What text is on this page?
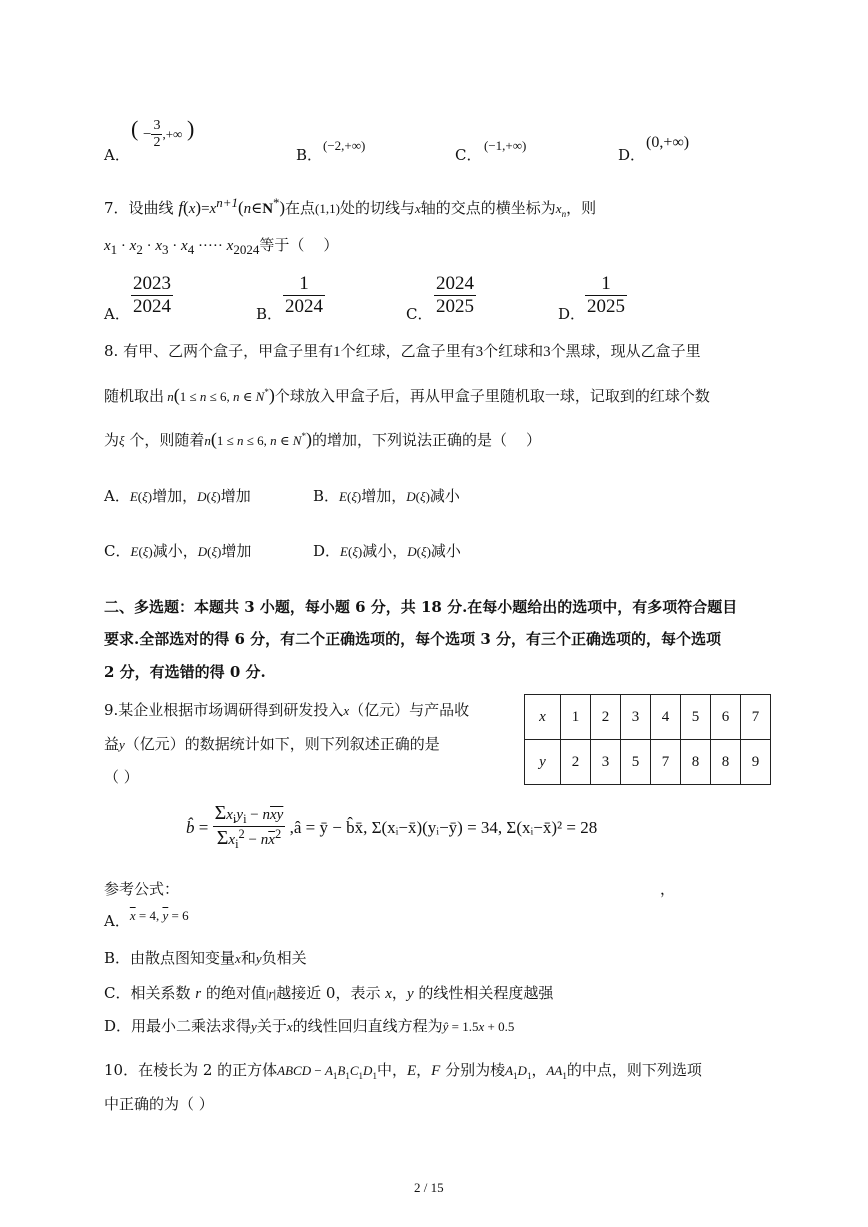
A．
( − $\frac{3}{2}$ ,+∞ )
B．
(−2,+∞)
C．
(−1,+∞)
D．
(0,+∞)
7．设曲线 $f(x)=x^{n+1}(n\in N^*)$在点(1,1)处的切线与x轴的交点的横坐标为$x_n$，则
$x_1 \cdot x_2 \cdot x_3 \cdot x_4$ ····· $x_{2024}$等于（    ）
A． $\frac{2023}{2024}$	B． $\frac{1}{2024}$	C． $\frac{2024}{2025}$	D． $\frac{1}{2025}$
8. 有甲、乙两个盒子，甲盒子里有1个红球，乙盒子里有3个红球和3个黑球，现从乙盒子里
随机取出 n(1 ≤ n ≤ 6, n ∈ N*)个球放入甲盒子后，再从甲盒子里随机取一球，记取到的红球个数
为ξ 个，则随着n(1 ≤ n ≤ 6, n ∈ N*)的增加，下列说法正确的是（    ）
A．E(ξ)增加，D(ξ)增加	B．E(ξ)增加，D(ξ)减小
C．E(ξ)减小，D(ξ)增加	D．E(ξ)减小，D(ξ)减小
二、多选题：本题共 3 小题，每小题 6 分，共 18 分.在每小题给出的选项中，有多项符合题目
要求.全部选对的得 6 分，有二个正确选项的，每个选项 3 分，有三个正确选项的，每个选项
2 分，有选错的得 0 分.
9.某企业根据市场调研得到研发投入x（亿元）与产品收
益y（亿元）的数据统计如下，则下列叙述正确的是
（ ）
x	1	2	3	4	5	6	7
y	2	3	5	7	8	8	9
b̂ = $\frac{\Sigma x_iy_i - n\overline{xy}}{\Sigma x_i^2 - n\overline{x}^2}$ ,â = ȳ − b̂x̄, Σ(xᵢ−x̄)(yᵢ−ȳ) = 34, Σ(xᵢ−x̄)² = 28
参考公式：	，
A．$\overline{x} = 4$, $\overline{y} = 6$
B．由散点图知变量x和y负相关
C．相关系数 r 的绝对值|r|越接近 0，表示 x，y 的线性相关程度越强
D．用最小二乘法求得y关于x的线性回归直线方程为ŷ = 1.5x + 0.5
10．在棱长为 2 的正方体ABCD − $A_1B_1C_1D_1$中，E，F 分别为棱$A_1D_1$，$AA_1$的中点，则下列选项
中正确的为（ ）
2 / 15
